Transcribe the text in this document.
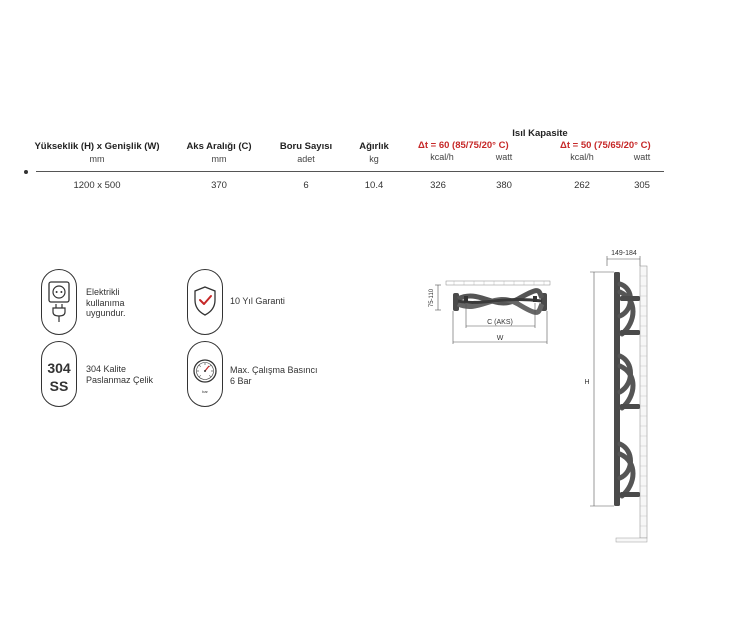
Isıl Kapasite
Yükseklik (H) x Genişlik (W)	Aks Aralığı (C)	Boru Sayısı	Ağırlık	Δt = 60 (85/75/20° C)	Δt = 50 (75/65/20° C)
mm	mm	adet	kg	kcal/h	watt	kcal/h	watt
1200 x 500	370	6	10.4	326	380	262	305
Elektrikli
kullanıma
uygundur.
10 Yıl Garanti
304
SS
304 Kalite
Paslanmaz Çelik
bar
Max. Çalışma Basıncı
6 Bar
75-110
C (AKS)
W
149-184
H
